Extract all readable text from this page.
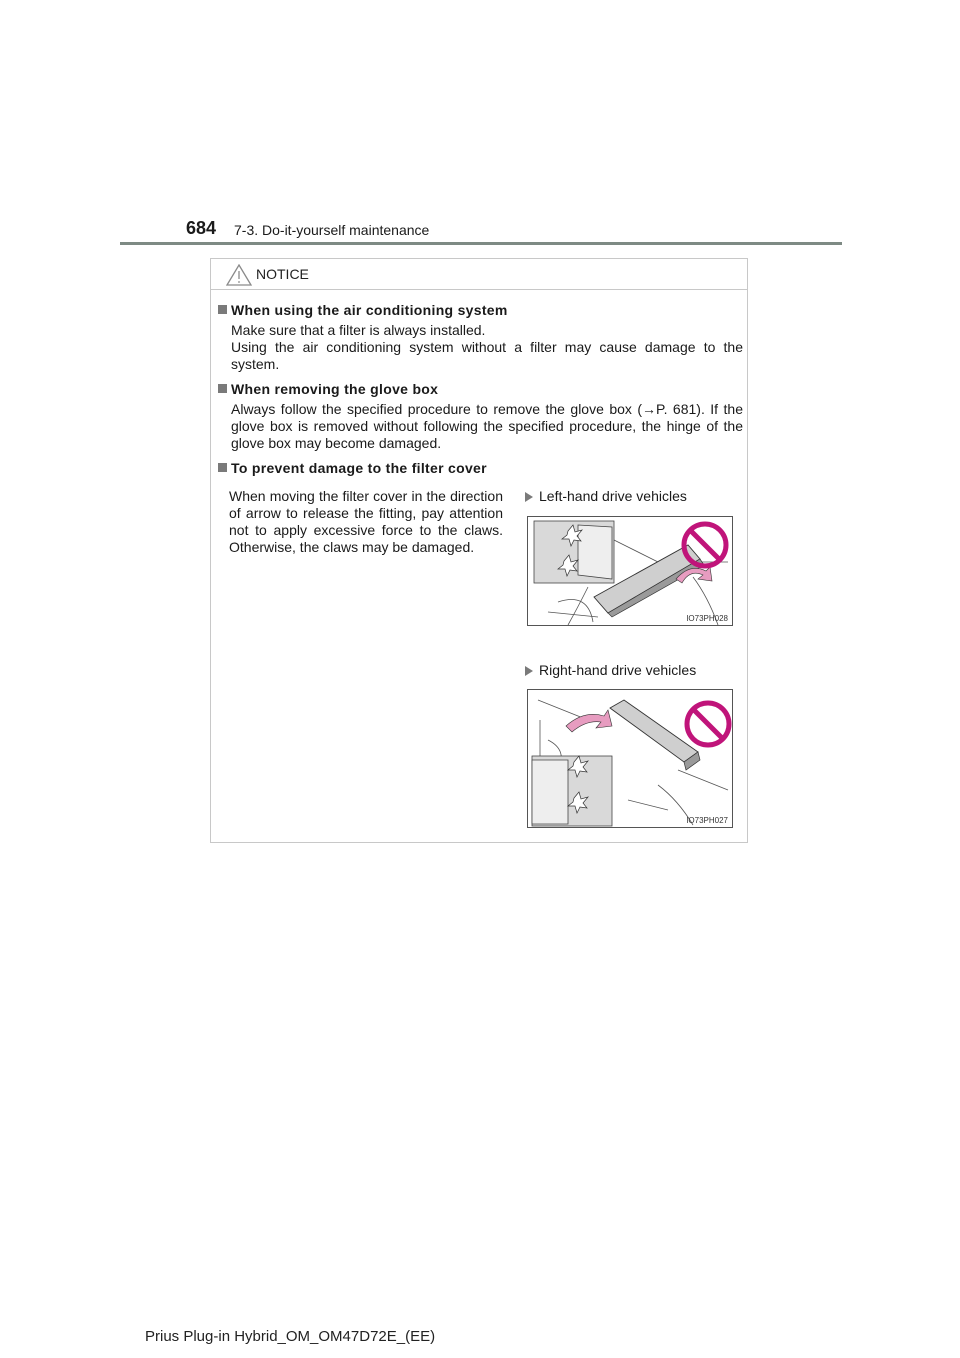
684 7-3. Do-it-yourself maintenance
NOTICE
When using the air conditioning system
Make sure that a filter is always installed.
Using the air conditioning system without a filter may cause damage to the system.
When removing the glove box
Always follow the specified procedure to remove the glove box (→P. 681). If the glove box is removed without following the specified procedure, the hinge of the glove box may become damaged.
To prevent damage to the filter cover
When moving the filter cover in the direction of arrow to release the fitting, pay attention not to apply excessive force to the claws. Otherwise, the claws may be damaged.
Left-hand drive vehicles
IO73PH028
Right-hand drive vehicles
IO73PH027
Prius Plug-in Hybrid_OM_OM47D72E_(EE)
